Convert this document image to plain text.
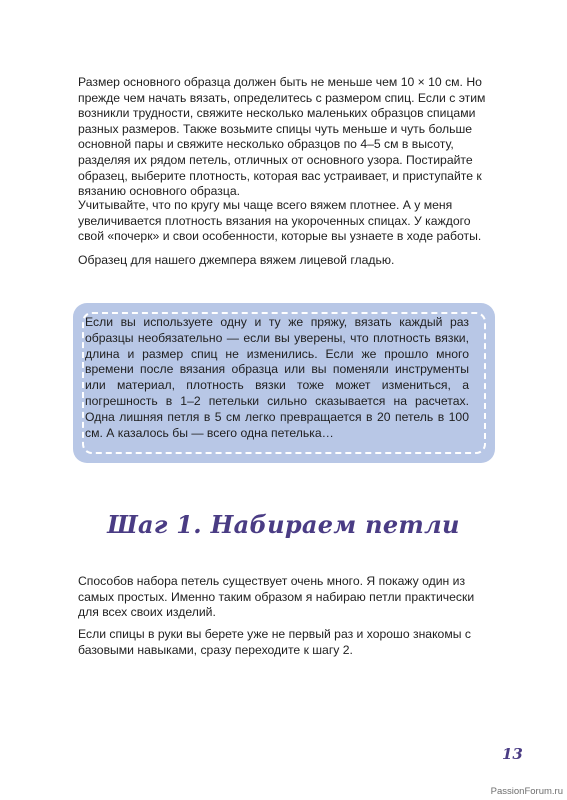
Размер основного образца должен быть не меньше чем 10 × 10 см. Но прежде чем начать вязать, определитесь с размером спиц. Если с этим возникли трудности, свяжите несколько маленьких образцов спицами разных размеров. Также возьмите спицы чуть меньше и чуть больше основной пары и свяжите несколько образцов по 4–5 см в высоту, разделяя их рядом петель, отличных от основного узора. Постирайте образец, выберите плотность, которая вас устраивает, и приступайте к вязанию основного образца.

Учитывайте, что по кругу мы чаще всего вяжем плотнее. А у меня увеличивается плотность вязания на укороченных спицах. У каждого свой «почерк» и свои особенности, которые вы узнаете в ходе работы.

Образец для нашего джемпера вяжем лицевой гладью.

Если вы используете одну и ту же пряжу, вязать каждый раз образцы необязательно — если вы уверены, что плотность вязки, длина и размер спиц не изменились. Если же прошло много времени после вязания образца или вы поменяли инструменты или материал, плотность вязки тоже может измениться, а погрешность в 1–2 петельки сильно сказывается на расчетах. Одна лишняя петля в 5 см легко превращается в 20 петель в 100 см. А казалось бы — всего одна петелька…

Шаг 1. Набираем петли

Способов набора петель существует очень много. Я покажу один из самых простых. Именно таким образом я набираю петли практически для всех своих изделий.

Если спицы в руки вы берете уже не первый раз и хорошо знакомы с базовыми навыками, сразу переходите к шагу 2.

13
PassionForum.ru
